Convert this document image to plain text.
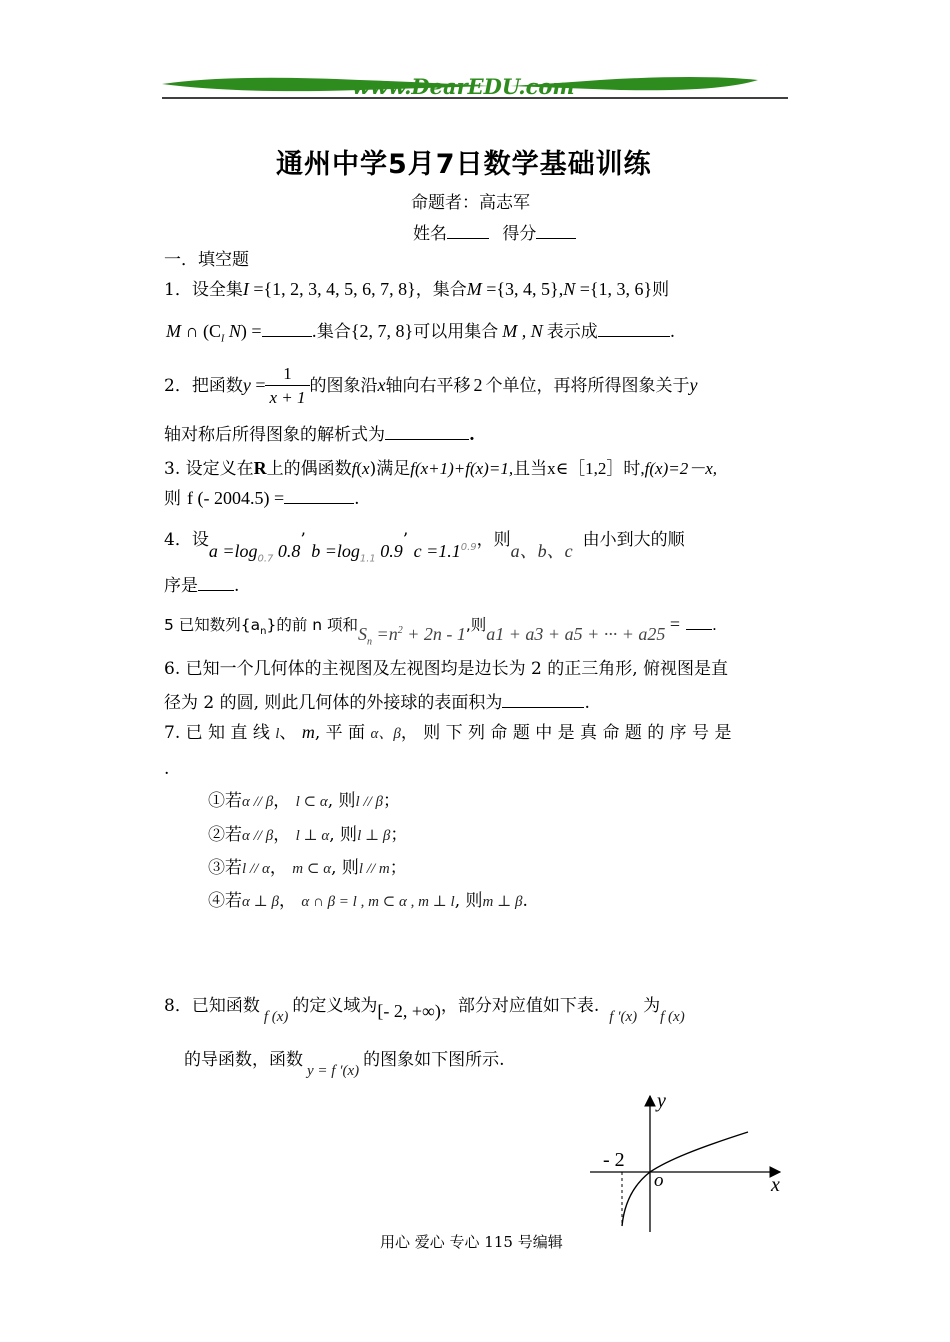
www.DearEDU.com
通州中学5月7日数学基础训练
命题者：高志军
姓名	得分
一．填空题
1．设全集I ={1, 2, 3, 4, 5, 6, 7, 8}，集合M ={3, 4, 5},N ={1, 3, 6}则
M ∩ ($C_I$ N) =	.集合{2, 7, 8}可以用集合 M , N 表示成	.
2．把函数$y = \frac{1}{x + 1}$ 的图象沿x轴向右平移 2 个单位，再将所得图象关于y
轴对称后所得图象的解析式为	.
3. 设定义在R上的偶函数f(x)满足f(x+1)+f(x)=1,且当x∈［1,2］时,f(x)=2－x,
则 f (- 2004.5) =	.
4．设$a =\log_{0.7}$ 0.8’ $b =\log_{1.1}$ 0.9’ $c =1.1^{0.9}$，则a、b、c由小到大的顺
序是 .
5 已知数列$\{a_n\}$的前 n 项和$S_n =n^2 + 2n - 1$,则a1 + a3 + a5 + ··· + a25 = .
6. 已知一个几何体的主视图及左视图均是边长为 2 的正三角形, 俯视图是直
径为 2 的圆, 则此几何体的外接球的表面积为	.
7. 已 知 直 线 l、 m, 平 面 α、β， 则 下 列 命 题 中 是 真 命 题 的 序 号 是
.
①若α // β， l ⊂ α, 则l // β；
②若α // β， l ⊥ α, 则l ⊥ β；
③若l // α， m ⊂ α, 则l // m；
④若α ⊥ β， α ∩ β = l , m ⊂ α , m ⊥ l, 则m ⊥ β.
8．已知函数f (x)的定义域为[- 2, +∞)，部分对应值如下表.f ′(x)为f (x)
的导函数，函数y = f ′(x)的图象如下图所示.
y
x
o
- 2
用心 爱心 专心 115 号编辑
